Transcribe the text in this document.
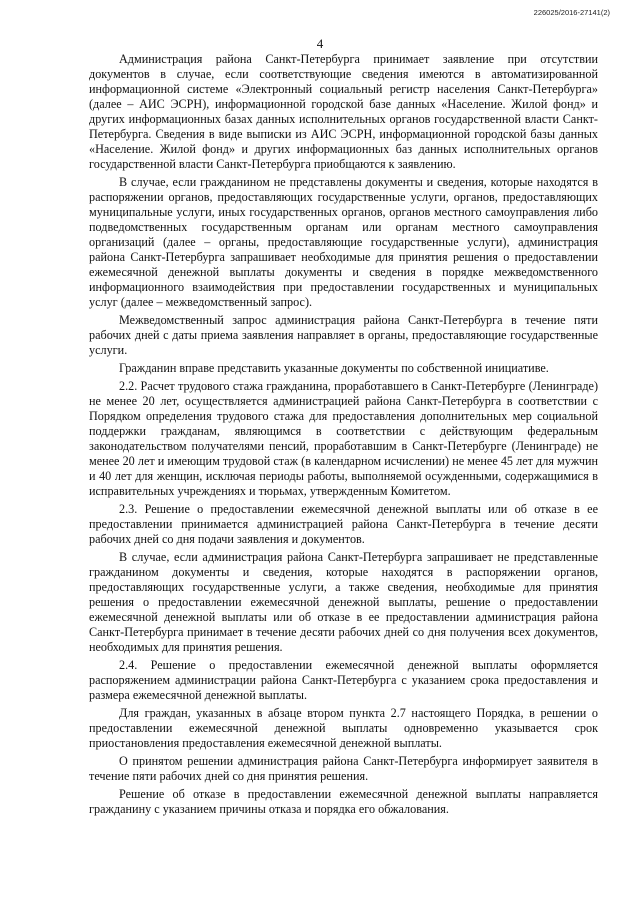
226025/2016-27141(2)
4

Администрация района Санкт-Петербурга принимает заявление при отсутствии документов в случае, если соответствующие сведения имеются в автоматизированной информационной системе «Электронный социальный регистр населения Санкт-Петербурга» (далее – АИС ЭСРН), информационной городской базе данных «Население. Жилой фонд» и других информационных базах данных исполнительных органов государственной власти Санкт-Петербурга. Сведения в виде выписки из АИС ЭСРН, информационной городской базы данных «Население. Жилой фонд» и других информационных баз данных исполнительных органов государственной власти Санкт-Петербурга приобщаются к заявлению.

В случае, если гражданином не представлены документы и сведения, которые находятся в распоряжении органов, предоставляющих государственные услуги, органов, предоставляющих муниципальные услуги, иных государственных органов, органов местного самоуправления либо подведомственных государственным органам или органам местного самоуправления организаций (далее – органы, предоставляющие государственные услуги), администрация района Санкт-Петербурга запрашивает необходимые для принятия решения о предоставлении ежемесячной денежной выплаты документы и сведения в порядке межведомственного информационного взаимодействия при предоставлении государственных и муниципальных услуг (далее – межведомственный запрос).

Межведомственный запрос администрация района Санкт-Петербурга в течение пяти рабочих дней с даты приема заявления направляет в органы, предоставляющие государственные услуги.

Гражданин вправе представить указанные документы по собственной инициативе.

2.2. Расчет трудового стажа гражданина, проработавшего в Санкт-Петербурге (Ленинграде) не менее 20 лет, осуществляется администрацией района Санкт-Петербурга в соответствии с Порядком определения трудового стажа для предоставления дополнительных мер социальной поддержки гражданам, являющимся в соответствии с действующим федеральным законодательством получателями пенсий, проработавшим в Санкт-Петербурге (Ленинграде) не менее 20 лет и имеющим трудовой стаж (в календарном исчислении) не менее 45 лет для мужчин и 40 лет для женщин, исключая периоды работы, выполняемой осужденными, содержащимися в исправительных учреждениях и тюрьмах, утвержденным Комитетом.

2.3. Решение о предоставлении ежемесячной денежной выплаты или об отказе в ее предоставлении принимается администрацией района Санкт-Петербурга в течение десяти рабочих дней со дня подачи заявления и документов.

В случае, если администрация района Санкт-Петербурга запрашивает не представленные гражданином документы и сведения, которые находятся в распоряжении органов, предоставляющих государственные услуги, а также сведения, необходимые для принятия решения о предоставлении ежемесячной денежной выплаты, решение о предоставлении ежемесячной денежной выплаты или об отказе в ее предоставлении администрация района Санкт-Петербурга принимает в течение десяти рабочих дней со дня получения всех документов, необходимых для принятия решения.

2.4. Решение о предоставлении ежемесячной денежной выплаты оформляется распоряжением администрации района Санкт-Петербурга с указанием срока предоставления и размера ежемесячной денежной выплаты.

Для граждан, указанных в абзаце втором пункта 2.7 настоящего Порядка, в решении о предоставлении ежемесячной денежной выплаты одновременно указывается срок приостановления предоставления ежемесячной денежной выплаты.

О принятом решении администрация района Санкт-Петербурга информирует заявителя в течение пяти рабочих дней со дня принятия решения.

Решение об отказе в предоставлении ежемесячной денежной выплаты направляется гражданину с указанием причины отказа и порядка его обжалования.
